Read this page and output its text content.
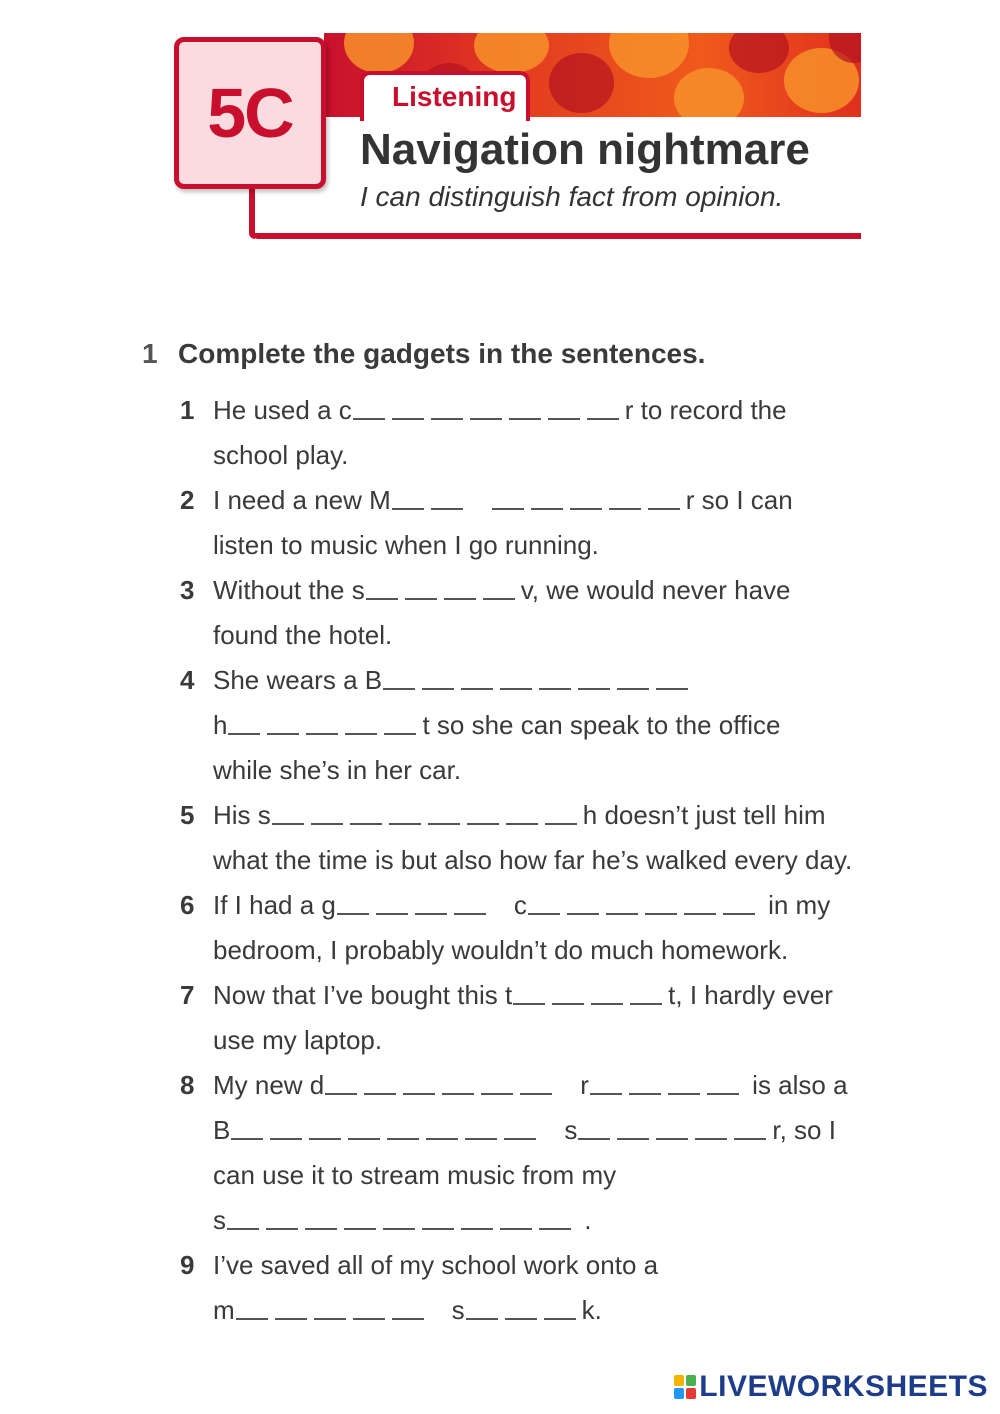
Navigation nightmare

I can distinguish fact from opinion.

Listening
5C
1 Complete the gadgets in the sentences.
1 He used a c	r to record the
school play.
2 I need a new M	r so I can
listen to music when I go running.
3 Without the s	v, we would never have
found the hotel.
4 She wears a B
h	t so she can speak to the office
while she’s in her car.
5 His s	h doesn’t just tell him
what the time is but also how far he’s walked every day.
6 If I had a g	c	in my
bedroom, I probably wouldn’t do much homework.
7 Now that I’ve bought this t	t, I hardly ever
use my laptop.
8 My new d	r	is also a
B	s	r, so I
can use it to stream music from my
s	.
9 I’ve saved all of my school work onto a
m	s	k.
LIVEWORKSHEETS
